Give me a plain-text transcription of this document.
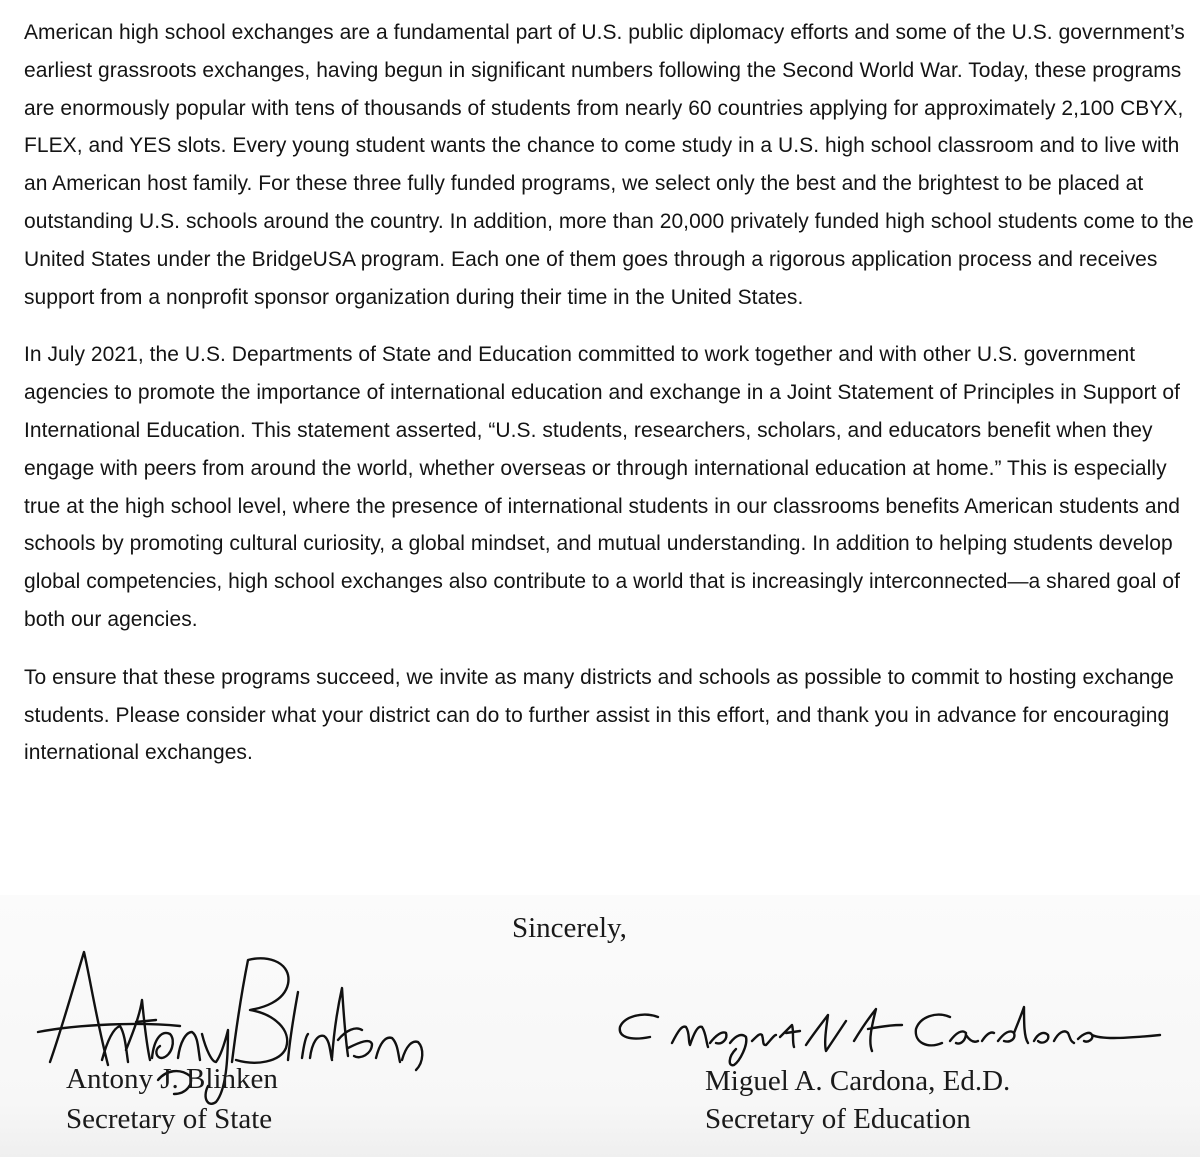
American high school exchanges are a fundamental part of U.S. public diplomacy efforts and some of the U.S. government’s earliest grassroots exchanges, having begun in significant numbers following the Second World War. Today, these programs are enormously popular with tens of thousands of students from nearly 60 countries applying for approximately 2,100 CBYX, FLEX, and YES slots. Every young student wants the chance to come study in a U.S. high school classroom and to live with an American host family. For these three fully funded programs, we select only the best and the brightest to be placed at outstanding U.S. schools around the country. In addition, more than 20,000 privately funded high school students come to the United States under the BridgeUSA program. Each one of them goes through a rigorous application process and receives support from a nonprofit sponsor organization during their time in the United States.

In July 2021, the U.S. Departments of State and Education committed to work together and with other U.S. government agencies to promote the importance of international education and exchange in a Joint Statement of Principles in Support of International Education. This statement asserted, “U.S. students, researchers, scholars, and educators benefit when they engage with peers from around the world, whether overseas or through international education at home.” This is especially true at the high school level, where the presence of international students in our classrooms benefits American students and schools by promoting cultural curiosity, a global mindset, and mutual understanding. In addition to helping students develop global competencies, high school exchanges also contribute to a world that is increasingly interconnected—a shared goal of both our agencies.

To ensure that these programs succeed, we invite as many districts and schools as possible to commit to hosting exchange students. Please consider what your district can do to further assist in this effort, and thank you in advance for encouraging international exchanges.

Sincerely,
Antony J. Blinken
Secretary of State
Miguel A. Cardona, Ed.D.
Secretary of Education
